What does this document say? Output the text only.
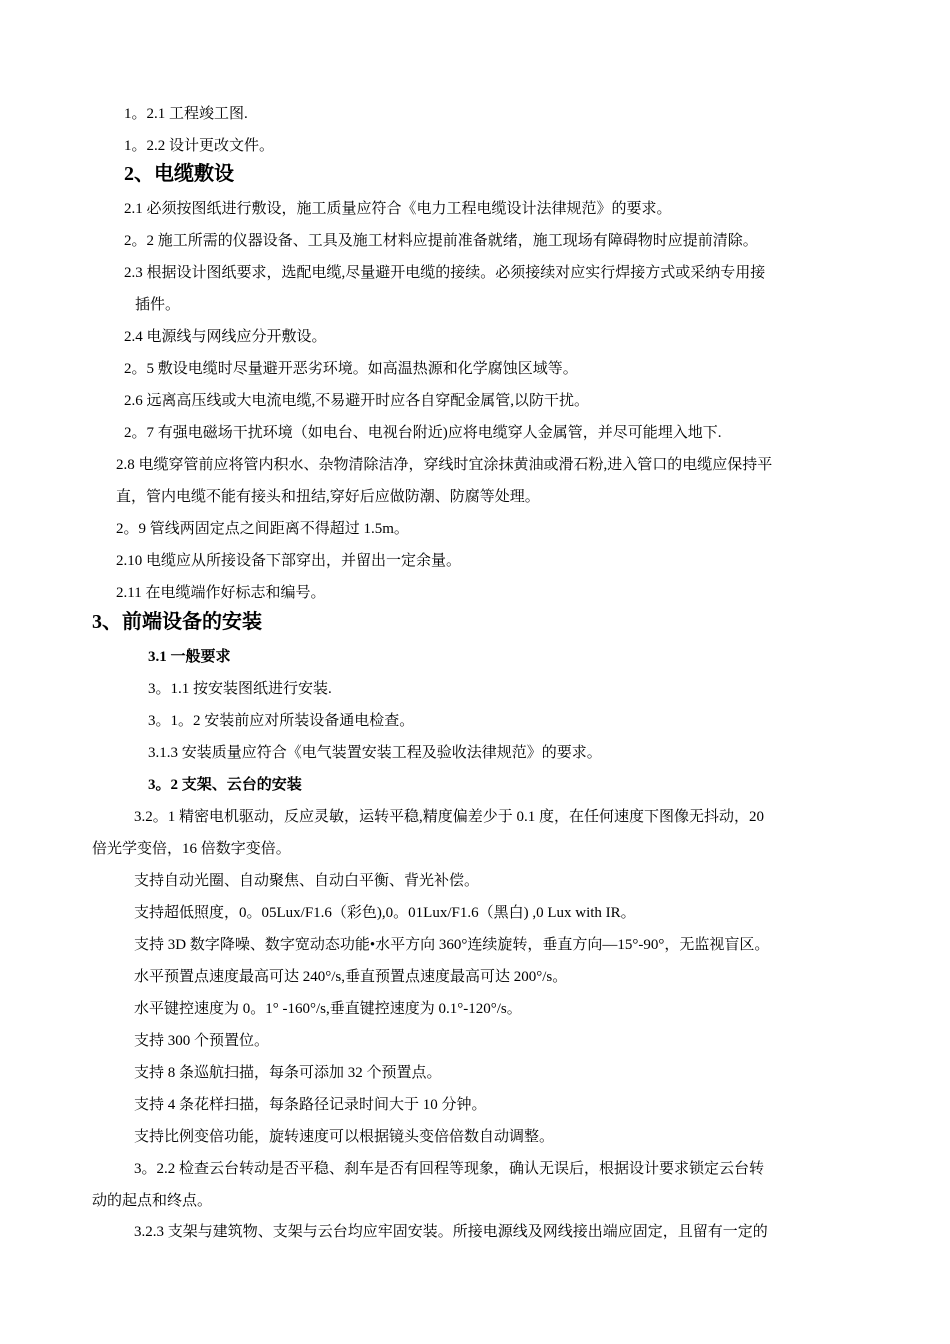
1。2.1 工程竣工图.
1。2.2 设计更改文件。
2、电缆敷设
2.1 必须按图纸进行敷设，施工质量应符合《电力工程电缆设计法律规范》的要求。
2。2 施工所需的仪器设备、工具及施工材料应提前准备就绪，施工现场有障碍物时应提前清除。
2.3 根据设计图纸要求，选配电缆,尽量避开电缆的接续。必须接续对应实行焊接方式或采纳专用接
插件。
2.4 电源线与网线应分开敷设。
2。5 敷设电缆时尽量避开恶劣环境。如高温热源和化学腐蚀区域等。
2.6 远离高压线或大电流电缆,不易避开时应各自穿配金属管,以防干扰。
2。7 有强电磁场干扰环境（如电台、电视台附近)应将电缆穿人金属管，并尽可能埋入地下.
2.8 电缆穿管前应将管内积水、杂物清除洁净，穿线时宜涂抹黄油或滑石粉,进入管口的电缆应保持平
直，管内电缆不能有接头和扭结,穿好后应做防潮、防腐等处理。
2。9 管线两固定点之间距离不得超过 1.5m。
2.10 电缆应从所接设备下部穿出，并留出一定余量。
2.11 在电缆端作好标志和编号。
3、前端设备的安装
3.1 一般要求
3。1.1 按安装图纸进行安装.
3。1。2 安装前应对所装设备通电检查。
3.1.3 安装质量应符合《电气装置安装工程及验收法律规范》的要求。
3。2 支架、云台的安装
3.2。1 精密电机驱动，反应灵敏，运转平稳,精度偏差少于 0.1 度，在任何速度下图像无抖动，20
倍光学变倍，16 倍数字变倍。
支持自动光圈、自动聚焦、自动白平衡、背光补偿。
支持超低照度，0。05Lux/F1.6（彩色),0。01Lux/F1.6（黑白) ,0 Lux with IR。
支持 3D 数字降噪、数字宽动态功能•水平方向 360°连续旋转，垂直方向—15°-90°，无监视盲区。
水平预置点速度最高可达 240°/s,垂直预置点速度最高可达 200°/s。
水平键控速度为 0。1° -160°/s,垂直键控速度为 0.1°-120°/s。
支持 300 个预置位。
支持 8 条巡航扫描，每条可添加 32 个预置点。
支持 4 条花样扫描，每条路径记录时间大于 10 分钟。
支持比例变倍功能，旋转速度可以根据镜头变倍倍数自动调整。
3。2.2 检查云台转动是否平稳、刹车是否有回程等现象，确认无误后，根据设计要求锁定云台转
动的起点和终点。
3.2.3 支架与建筑物、支架与云台均应牢固安装。所接电源线及网线接出端应固定，且留有一定的
